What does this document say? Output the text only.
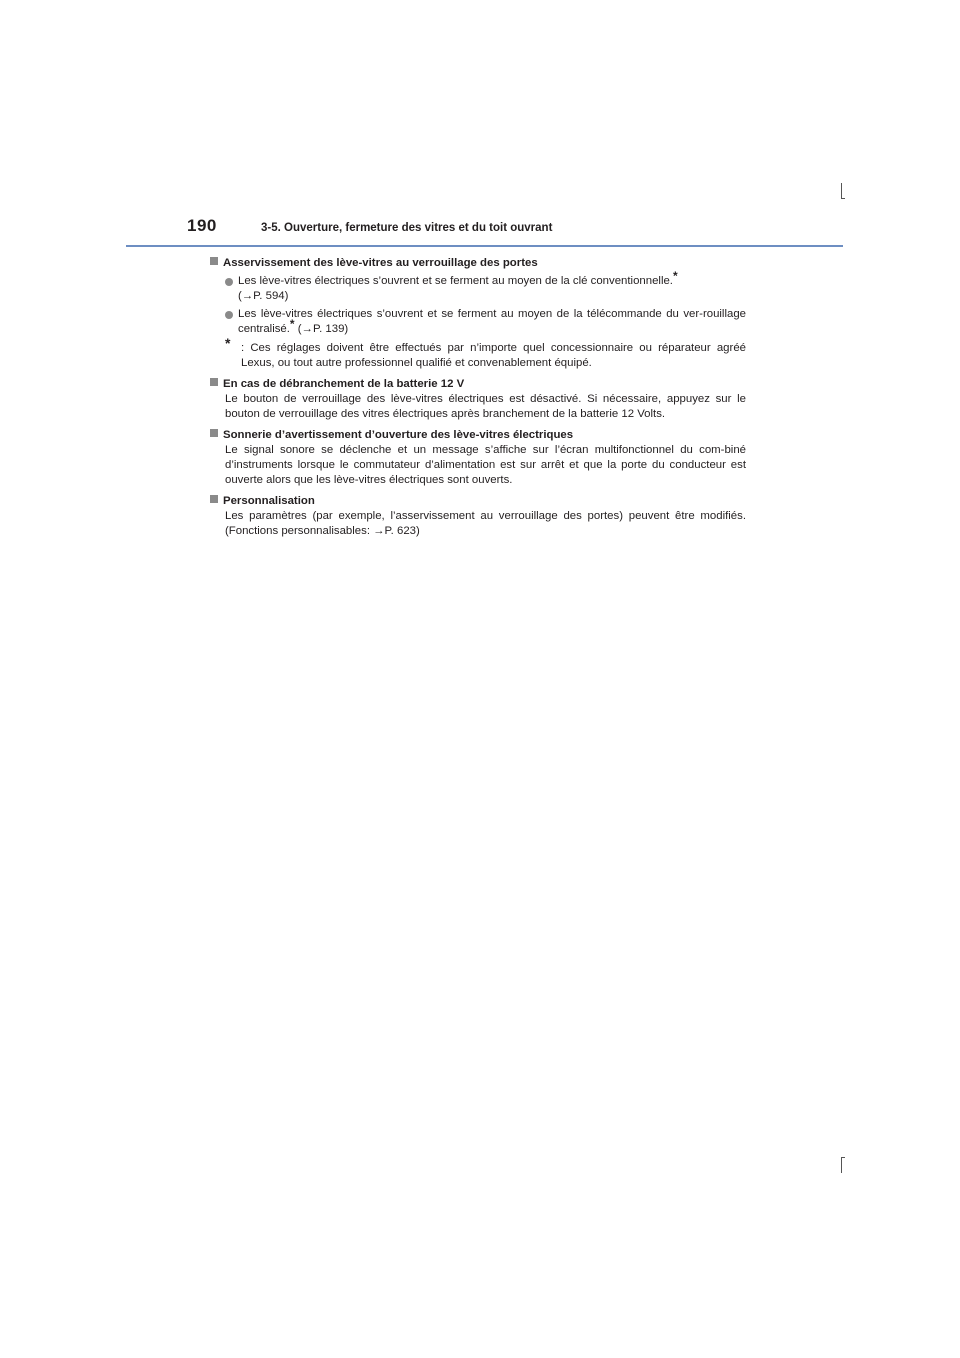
190	3-5. Ouverture, fermeture des vitres et du toit ouvrant
Asservissement des lève-vitres au verrouillage des portes
Les lève-vitres électriques s’ouvrent et se ferment au moyen de la clé conventionnelle.*
(→P. 594)
Les lève-vitres électriques s’ouvrent et se ferment au moyen de la télécommande du ver-rouillage centralisé.* (→P. 139)
* : Ces réglages doivent être effectués par n’importe quel concessionnaire ou réparateur agréé Lexus, ou tout autre professionnel qualifié et convenablement équipé.
En cas de débranchement de la batterie 12 V
Le bouton de verrouillage des lève-vitres électriques est désactivé. Si nécessaire, appuyez sur le bouton de verrouillage des vitres électriques après branchement de la batterie 12 Volts.
Sonnerie d’avertissement d’ouverture des lève-vitres électriques
Le signal sonore se déclenche et un message s’affiche sur l’écran multifonctionnel du com-biné d’instruments lorsque le commutateur d’alimentation est sur arrêt et que la porte du conducteur est ouverte alors que les lève-vitres électriques sont ouverts.
Personnalisation
Les paramètres (par exemple, l’asservissement au verrouillage des portes) peuvent être modifiés. (Fonctions personnalisables: →P. 623)
